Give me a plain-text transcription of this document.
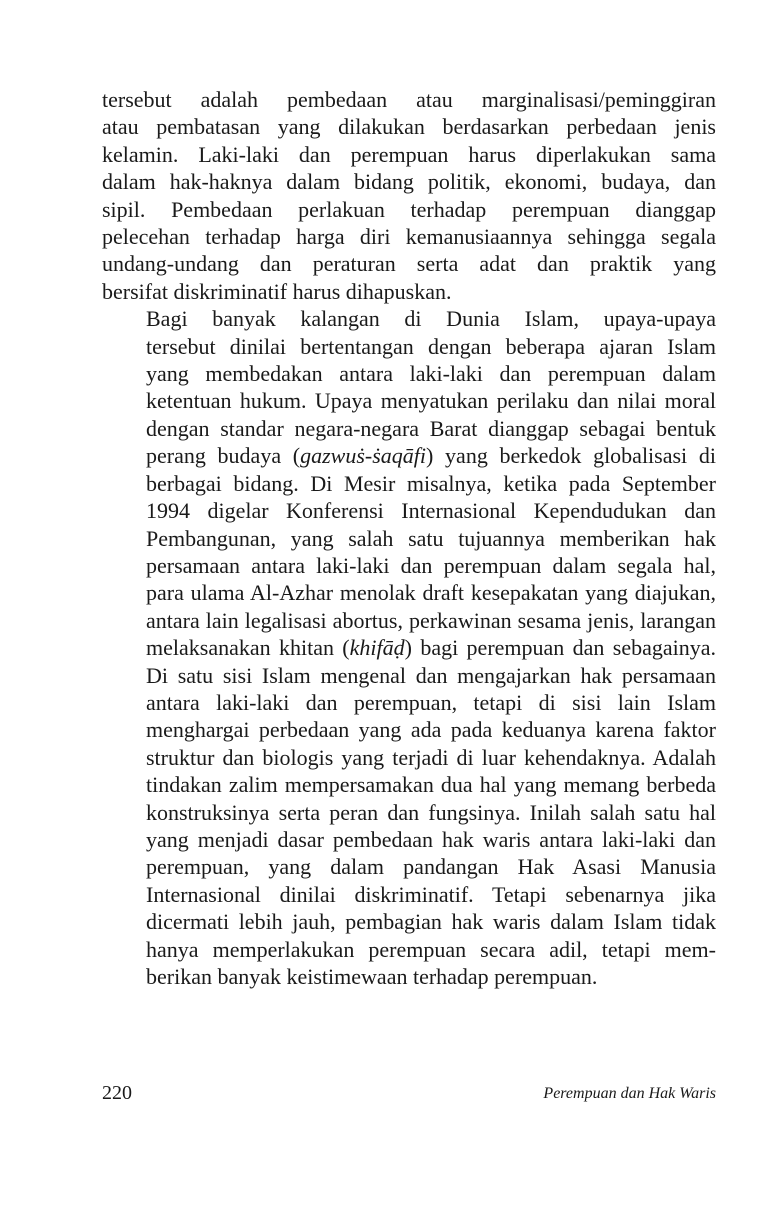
tersebut adalah pembedaan atau marginalisasi/peminggiran
atau pembatasan yang dilakukan berdasarkan perbedaan jenis
kelamin. Laki-laki dan perempuan harus diperlakukan sama
dalam hak-haknya dalam bidang politik, ekonomi, budaya, dan
sipil. Pembedaan perlakuan terhadap perempuan dianggap
pelecehan terhadap harga diri kemanusiaannya sehingga segala
undang-undang dan peraturan serta adat dan praktik yang
bersifat diskriminatif harus dihapuskan.

Bagi banyak kalangan di Dunia Islam, upaya-upaya
tersebut dinilai bertentangan dengan beberapa ajaran Islam
yang membedakan antara laki-laki dan perempuan dalam
ketentuan hukum. Upaya menyatukan perilaku dan nilai moral
dengan standar negara-negara Barat dianggap sebagai bentuk
perang budaya (gazwuṡ-ṡaqāfi) yang berkedok globalisasi di
berbagai bidang. Di Mesir misalnya, ketika pada September
1994 digelar Konferensi Internasional Kependudukan dan
Pembangunan, yang salah satu tujuannya memberikan hak
persamaan antara laki-laki dan perempuan dalam segala hal,
para ulama Al-Azhar menolak draft kesepakatan yang diajukan,
antara lain legalisasi abortus, perkawinan sesama jenis, larangan
melaksanakan khitan (khifāḍ) bagi perempuan dan sebagainya.
Di satu sisi Islam mengenal dan mengajarkan hak persamaan
antara laki-laki dan perempuan, tetapi di sisi lain Islam
menghargai perbedaan yang ada pada keduanya karena faktor
struktur dan biologis yang terjadi di luar kehendaknya. Adalah
tindakan zalim mempersamakan dua hal yang memang berbeda
konstruksinya serta peran dan fungsinya. Inilah salah satu hal
yang menjadi dasar pembedaan hak waris antara laki-laki dan
perempuan, yang dalam pandangan Hak Asasi Manusia
Internasional dinilai diskriminatif. Tetapi sebenarnya jika
dicermati lebih jauh, pembagian hak waris dalam Islam tidak
hanya memperlakukan perempuan secara adil, tetapi mem-
berikan banyak keistimewaan terhadap perempuan.

220	Perempuan dan Hak Waris
